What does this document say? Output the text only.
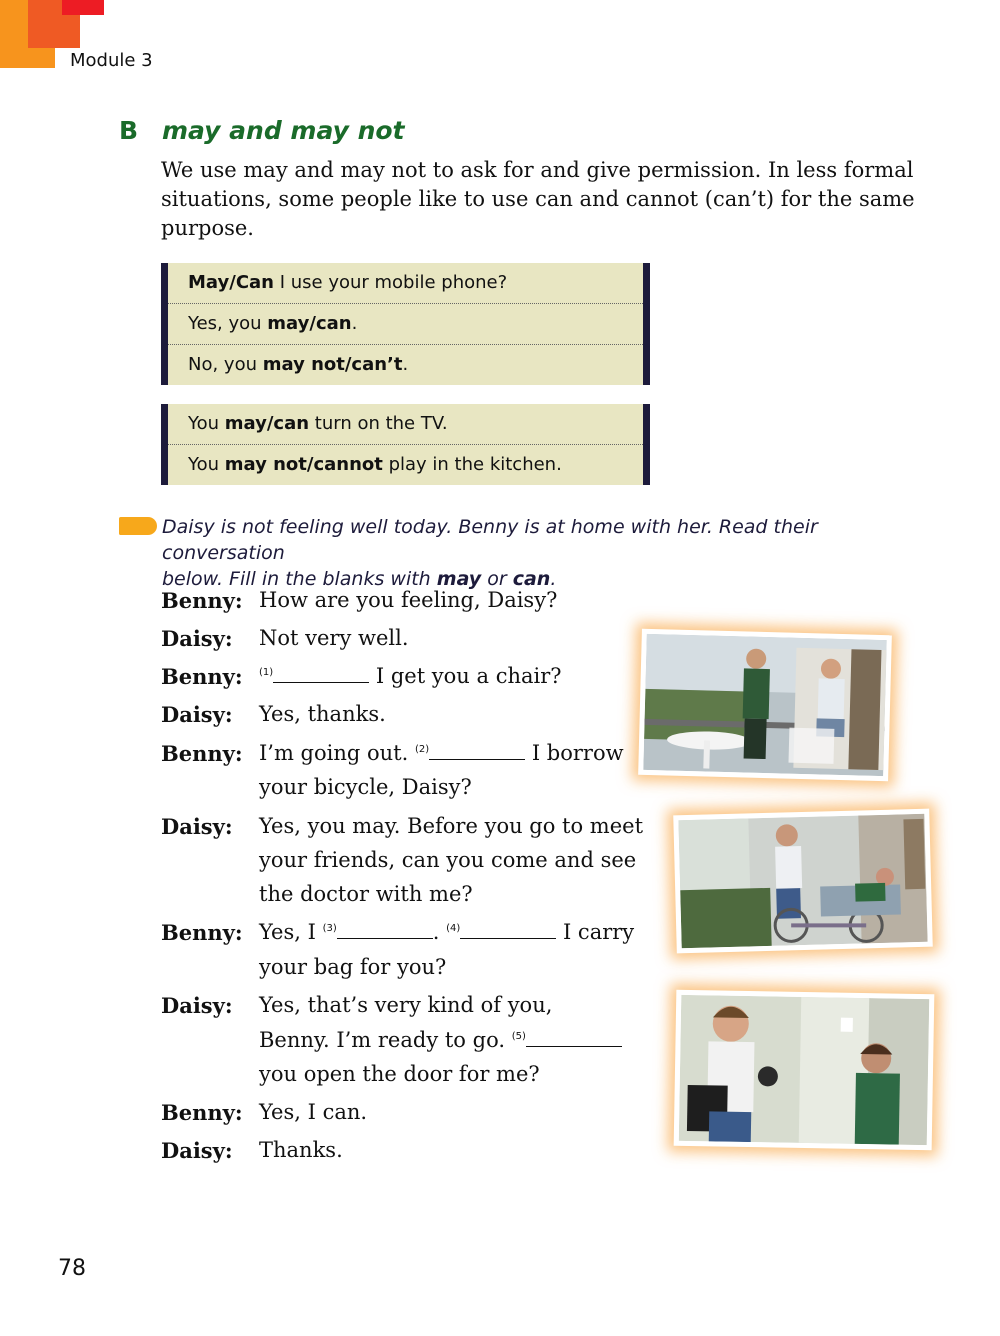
Module 3
B may and may not
We use may and may not to ask for and give permission. In less formal
situations, some people like to use can and cannot (can’t) for the same
purpose.
May/Can I use your mobile phone?
Yes, you may/can.
No, you may not/can’t.
You may/can turn on the TV.
You may not/cannot play in the kitchen.
Daisy is not feeling well today. Benny is at home with her. Read their conversation
below. Fill in the blanks with may or can.
Benny: How are you feeling, Daisy?
Daisy: Not very well.
Benny: $^{(1)}$	I get you a chair?
Daisy: Yes, thanks.
Benny: I’m going out. $^{(2)}$	I borrow
your bicycle, Daisy?
Daisy: Yes, you may. Before you go to meet
your friends, can you come and see
the doctor with me?
Benny: Yes, I $^{(3)}$	. $^{(4)}$	I carry
your bag for you?
Daisy: Yes, that’s very kind of you,
Benny. I’m ready to go. $^{(5)}$
you open the door for me?
Benny: Yes, I can.
Daisy: Thanks.
78
